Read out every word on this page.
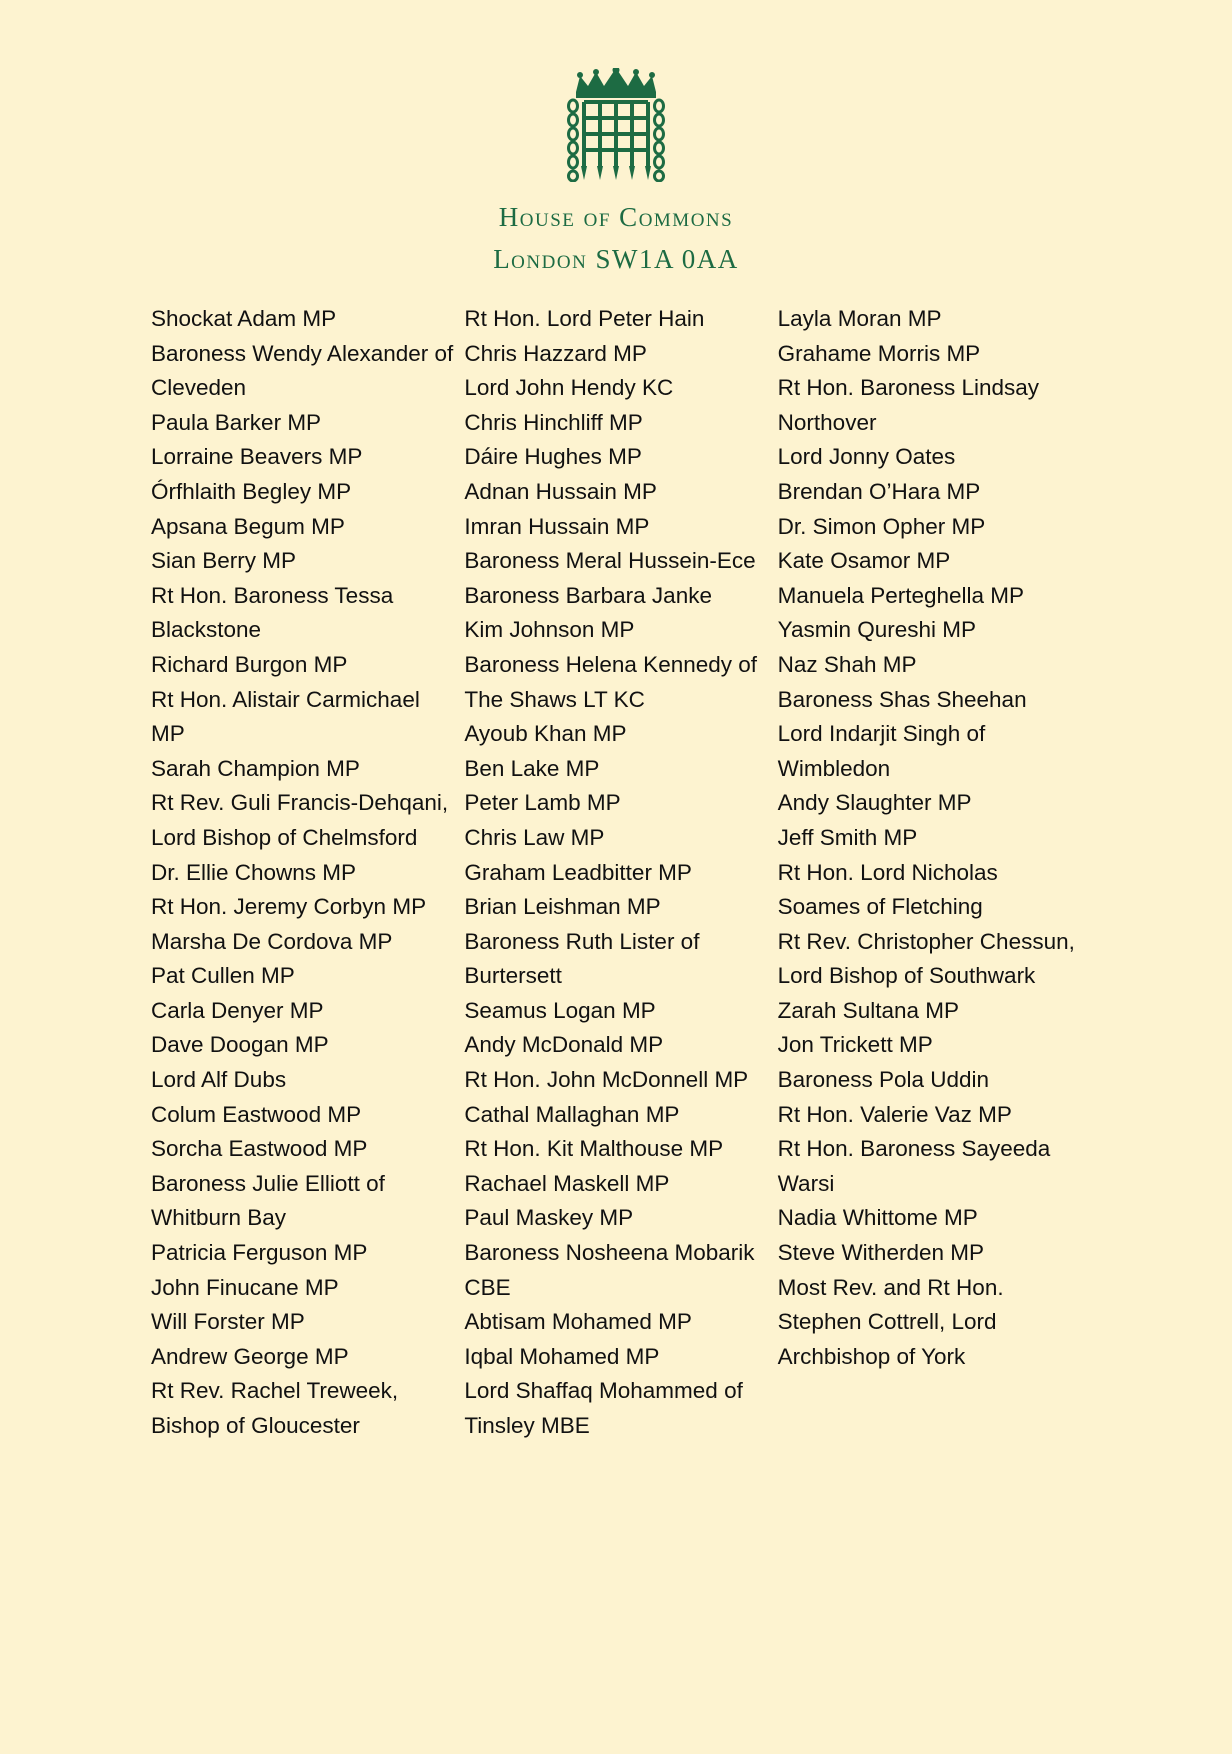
House of Commons

London SW1A 0AA

Shockat Adam MP
Baroness Wendy Alexander of Cleveden
Paula Barker MP
Lorraine Beavers MP
Órfhlaith Begley MP
Apsana Begum MP
Sian Berry MP
Rt Hon. Baroness Tessa Blackstone
Richard Burgon MP
Rt Hon. Alistair Carmichael MP
Sarah Champion MP
Rt Rev. Guli Francis-Dehqani, Lord Bishop of Chelmsford
Dr. Ellie Chowns MP
Rt Hon. Jeremy Corbyn MP
Marsha De Cordova MP
Pat Cullen MP
Carla Denyer MP
Dave Doogan MP
Lord Alf Dubs
Colum Eastwood MP
Sorcha Eastwood MP
Baroness Julie Elliott of Whitburn Bay
Patricia Ferguson MP
John Finucane MP
Will Forster MP
Andrew George MP
Rt Rev. Rachel Treweek, Bishop of Gloucester
Rt Hon. Lord Peter Hain
Chris Hazzard MP
Lord John Hendy KC
Chris Hinchliff MP
Dáire Hughes MP
Adnan Hussain MP
Imran Hussain MP
Baroness Meral Hussein-Ece
Baroness Barbara Janke
Kim Johnson MP
Baroness Helena Kennedy of The Shaws LT KC
Ayoub Khan MP
Ben Lake MP
Peter Lamb MP
Chris Law MP
Graham Leadbitter MP
Brian Leishman MP
Baroness Ruth Lister of Burtersett
Seamus Logan MP
Andy McDonald MP
Rt Hon. John McDonnell MP
Cathal Mallaghan MP
Rt Hon. Kit Malthouse MP
Rachael Maskell MP
Paul Maskey MP
Baroness Nosheena Mobarik CBE
Abtisam Mohamed MP
Iqbal Mohamed MP
Lord Shaffaq Mohammed of Tinsley MBE
Layla Moran MP
Grahame Morris MP
Rt Hon. Baroness Lindsay Northover
Lord Jonny Oates
Brendan O’Hara MP
Dr. Simon Opher MP
Kate Osamor MP
Manuela Perteghella MP
Yasmin Qureshi MP
Naz Shah MP
Baroness Shas Sheehan
Lord Indarjit Singh of Wimbledon
Andy Slaughter MP
Jeff Smith MP
Rt Hon. Lord Nicholas Soames of Fletching
Rt Rev. Christopher Chessun, Lord Bishop of Southwark
Zarah Sultana MP
Jon Trickett MP
Baroness Pola Uddin
Rt Hon. Valerie Vaz MP
Rt Hon. Baroness Sayeeda Warsi
Nadia Whittome MP
Steve Witherden MP
Most Rev. and Rt Hon. Stephen Cottrell, Lord Archbishop of York
